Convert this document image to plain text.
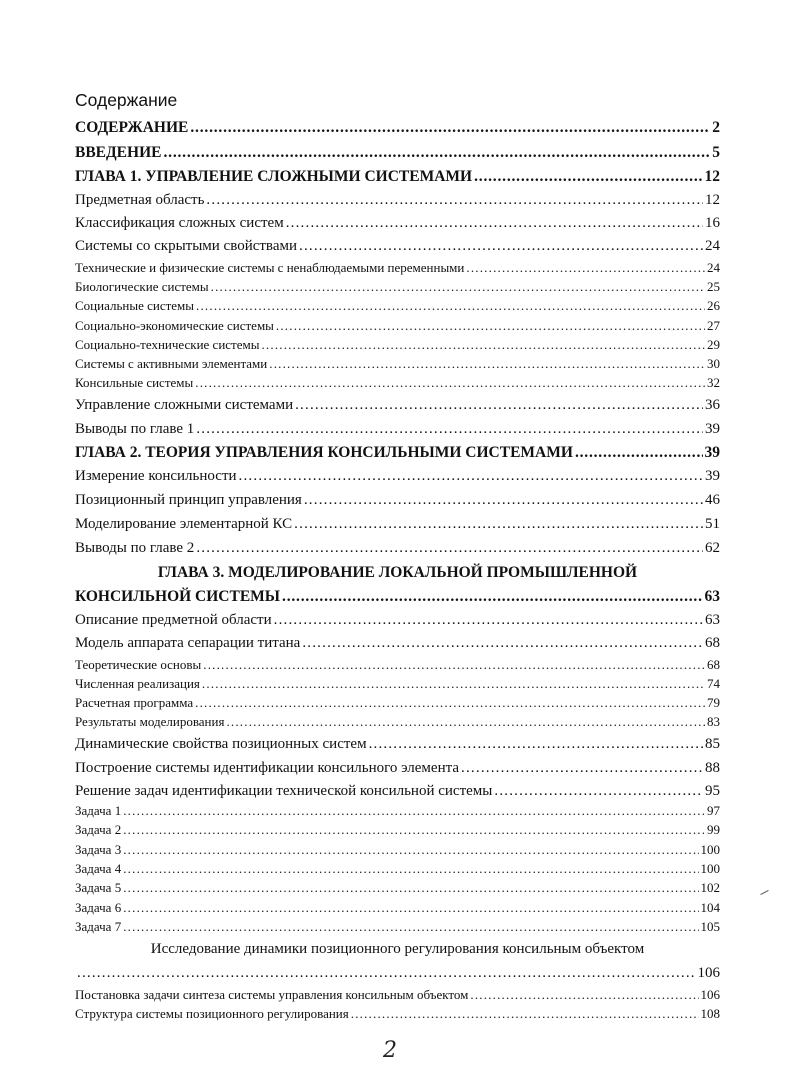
Содержание
СОДЕРЖАНИЕ .....	2
ВВЕДЕНИЕ .....	5
ГЛАВА 1. УПРАВЛЕНИЕ СЛОЖНЫМИ СИСТЕМАМИ .....	12
Предметная область .....	12
Классификация сложных систем .....	16
Системы со скрытыми свойствами .....	24
Технические и физические системы с ненаблюдаемыми переменными .....	24
Биологические системы .....	25
Социальные системы .....	26
Социально-экономические системы .....	27
Социально-технические системы .....	29
Системы с активными элементами .....	30
Консильные системы .....	32
Управление сложными системами .....	36
Выводы по главе 1 .....	39
ГЛАВА 2. ТЕОРИЯ УПРАВЛЕНИЯ КОНСИЛЬНЫМИ СИСТЕМАМИ .....	39
Измерение консильности .....	39
Позиционный принцип управления .....	46
Моделирование элементарной КС .....	51
Выводы по главе 2 .....	62
ГЛАВА 3. МОДЕЛИРОВАНИЕ ЛОКАЛЬНОЙ ПРОМЫШЛЕННОЙ
КОНСИЛЬНОЙ СИСТЕМЫ .....	63
Описание предметной области .....	63
Модель аппарата сепарации титана .....	68
Теоретические основы .....	68
Численная реализация .....	74
Расчетная программа .....	79
Результаты моделирования .....	83
Динамические свойства позиционных систем .....	85
Построение системы идентификации консильного элемента .....	88
Решение задач идентификации технической консильной системы .....	95
Задача 1 .....	97
Задача 2 .....	99
Задача 3 .....	100
Задача 4 .....	100
Задача 5 .....	102
Задача 6 .....	104
Задача 7 .....	105
Исследование динамики позиционного регулирования консильным объектом
.....
106
Постановка задачи синтеза системы управления консильным объектом .....	106
Структура системы позиционного регулирования .....	108
2
